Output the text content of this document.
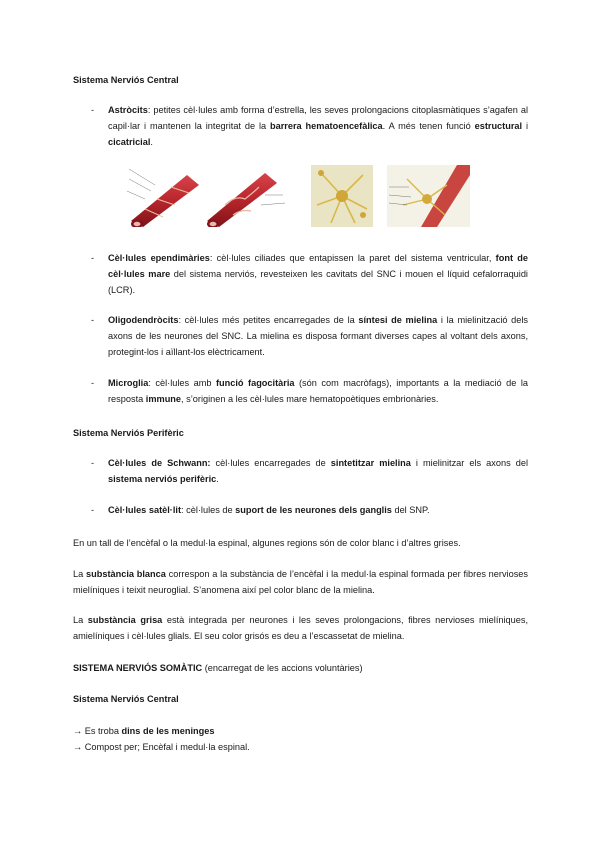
Sistema Nerviós Central
- Astròcits: petites cèl·lules amb forma d’estrella, les seves prolongacions citoplasmàtiques s’agafen al capil·lar i mantenen la integritat de la barrera hematoencefàlica. A més tenen funció estructural i cicatricial.
- Cèl·lules ependimàries: cèl·lules ciliades que entapissen la paret del sistema ventricular, font de cèl·lules mare del sistema nerviós, revesteixen les cavitats del SNC i mouen el líquid cefalorraquidi (LCR).
- Oligodendròcits: cèl·lules més petites encarregades de la síntesi de mielina i la mielinització dels axons de les neurones del SNC. La mielina es disposa formant diverses capes al voltant dels axons, protegint-los i aïllant-los elèctricament.
- Microglia: cèl·lules amb funció fagocitària (són com macròfags), importants a la mediació de la resposta immune, s’originen a les cèl·lules mare hematopoètiques embrionàries.
Sistema Nerviós Perifèric
- Cèl·lules de Schwann: cèl·lules encarregades de sintetitzar mielina i mielinitzar els axons del sistema nerviós perifèric.
- Cèl·lules satèl·lit: cèl·lules de suport de les neurones dels ganglis del SNP.
En un tall de l’encèfal o la medul·la espinal, algunes regions són de color blanc i d’altres grises.
La substància blanca correspon a la substància de l’encèfal i la medul·la espinal formada per fibres nervioses mielíniques i teixit neuroglial. S’anomena així pel color blanc de la mielina.
La substància grisa està integrada per neurones i les seves prolongacions, fibres nervioses mielíniques, amielíniques i cèl·lules glials. El seu color grisós es deu a l’escassetat de mielina.
SISTEMA NERVIÓS SOMÀTIC (encarregat de les accions voluntàries)
Sistema Nerviós Central
→ Es troba dins de les meninges
→ Compost per; Encèfal i medul·la espinal.
